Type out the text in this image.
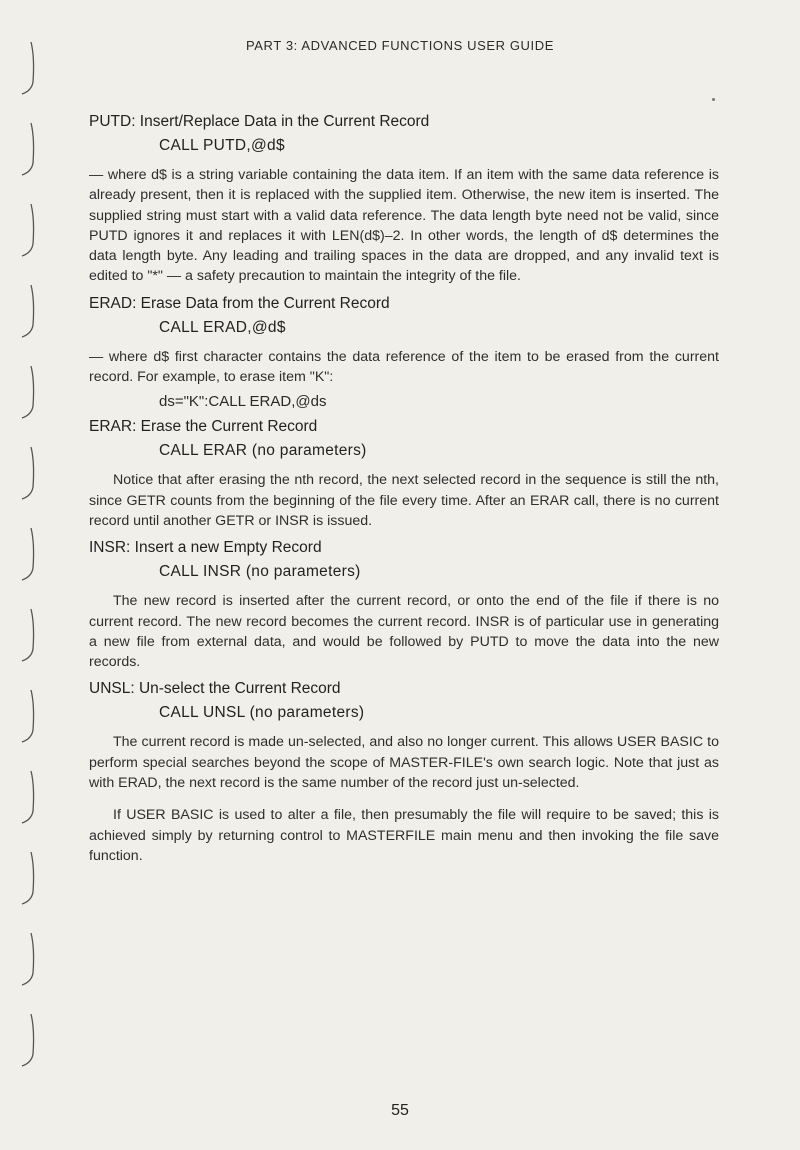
PART 3: ADVANCED FUNCTIONS USER GUIDE
PUTD: Insert/Replace Data in the Current Record
CALL PUTD,@d$

— where d$ is a string variable containing the data item. If an item with the same data reference is already present, then it is replaced with the supplied item. Otherwise, the new item is inserted. The supplied string must start with a valid data reference. The data length byte need not be valid, since PUTD ignores it and replaces it with LEN(d$)–2. In other words, the length of d$ determines the data length byte. Any leading and trailing spaces in the data are dropped, and any invalid text is edited to "*" — a safety precaution to maintain the integrity of the file.

ERAD: Erase Data from the Current Record
CALL ERAD,@d$

— where d$ first character contains the data reference of the item to be erased from the current record. For example, to erase item "K":

ds="K":CALL ERAD,@ds
ERAR: Erase the Current Record
CALL ERAR (no parameters)

Notice that after erasing the nth record, the next selected record in the sequence is still the nth, since GETR counts from the beginning of the file every time. After an ERAR call, there is no current record until another GETR or INSR is issued.

INSR: Insert a new Empty Record
CALL INSR (no parameters)

The new record is inserted after the current record, or onto the end of the file if there is no current record. The new record becomes the current record. INSR is of particular use in generating a new file from external data, and would be followed by PUTD to move the data into the new records.

UNSL: Un-select the Current Record
CALL UNSL (no parameters)

The current record is made un-selected, and also no longer current. This allows USER BASIC to perform special searches beyond the scope of MASTER-FILE's own search logic. Note that just as with ERAD, the next record is the same number of the record just un-selected.

If USER BASIC is used to alter a file, then presumably the file will require to be saved; this is achieved simply by returning control to MASTERFILE main menu and then invoking the file save function.

55
